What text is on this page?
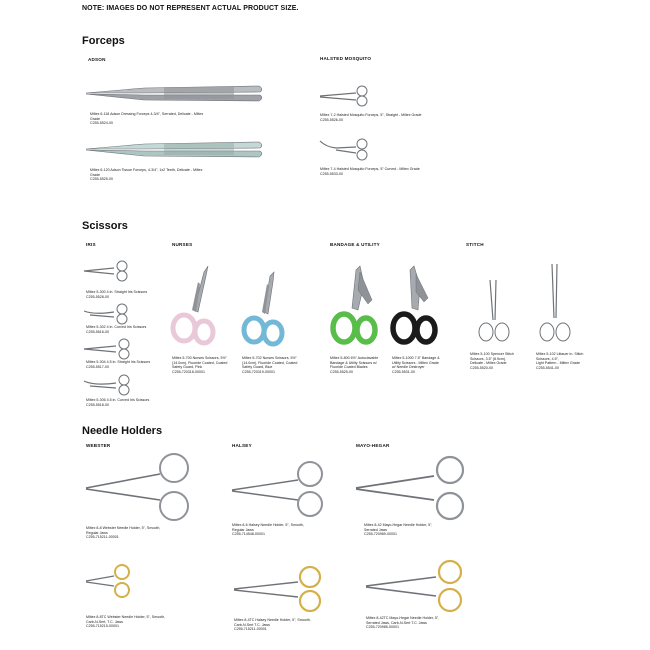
NOTE: IMAGES DO NOT REPRESENT ACTUAL PRODUCT SIZE.
Forceps
ADSON	HALSTED MOSQUITO
Miltex 6-118 Adson Dressing Forceps 4-3/4", Serrated, Delicate - Miltex Grade
C255-5524-00
Miltex 6-120 Adson Tissue Forceps, 4-3/4", 1x2 Teeth, Delicate - Miltex Grade
C255-5525-00
Miltex 7-2 Halsted Mosquito Forceps, 5", Straight - Miltex Grade
C255-5526-00
Miltex 7-4 Halsted Mosquito Forceps, 5" Curved - Miltex Grade
C255-5533-00
Scissors
IRIS	NURSES	BANDAGE & UTILITY	STITCH
Miltex 5-300 4 in. Straight Iris Scissors
C255-5528-00
Miltex 5-302 4 in. Curved Iris Scissors
C255-5516-00
Miltex 5-304 4.5 in. Straight Iris Scissors
C255-5517-00
Miltex 5-306 4.5 in. Curved Iris Scissors
C255-5518-00
Miltex 5-700 Nurses Scissors, 5½"
(14.0cm), Fluoride Coated, Coated
Safety Guard, Pink
C255-720318-00001
Miltex 5-702 Nurses Scissors, 5½"
(14.0cm), Fluoride Coated, Coated
Safety Guard, Blue
C255-720319-00001
Miltex 5-800 6½" Autoclavable
Bandage & Utility Scissors w/
Fluoride Coated Blades
C255-5525-00
Miltex 5-1000 7.5" Bandage &
Utility Scissors - Miltex Grade
w/ Needle Destroyer
C255-5531-00
Miltex 5-100 Spencer Stitch
Scissors, 3.5" (8.9cm),
Delicate - Miltex Grade
C255-5520-00
Miltex 5-102 Littauer in. Stitch
Scissors, 4.5",
Light Pattern - Miltex Grade
C255-5541-00
Needle Holders
WEBSTER	HALSEY	MAYO-HEGAR
Miltex 8-8 Webster Needle Holder, 5", Smooth,
Regular Jaws
C255-715211-00001
Miltex 8-6 Halsey Needle Holder, 5", Smooth,
Regular Jaws
C255-714548-00001
Miltex 8-42 Mayo-Hegar Needle Holder, 5",
Serrated Jaws
C255-720989-00001
Miltex 8-8TC Webster Needle Holder, 5", Smooth,
Carb-N-Sert, T.C. Jaws
C255-715215-00001
Miltex 8-4TC Halsey Needle Holder, 5", Smooth,
Carb-N-Sert T.C. Jaws
C255-715211-00001
Miltex 8-42TC Mayo-Hegar Needle Holder, 5",
Serrated Jaws, Carb-N-Sert T.C. Jaws
C255-720985-00001
